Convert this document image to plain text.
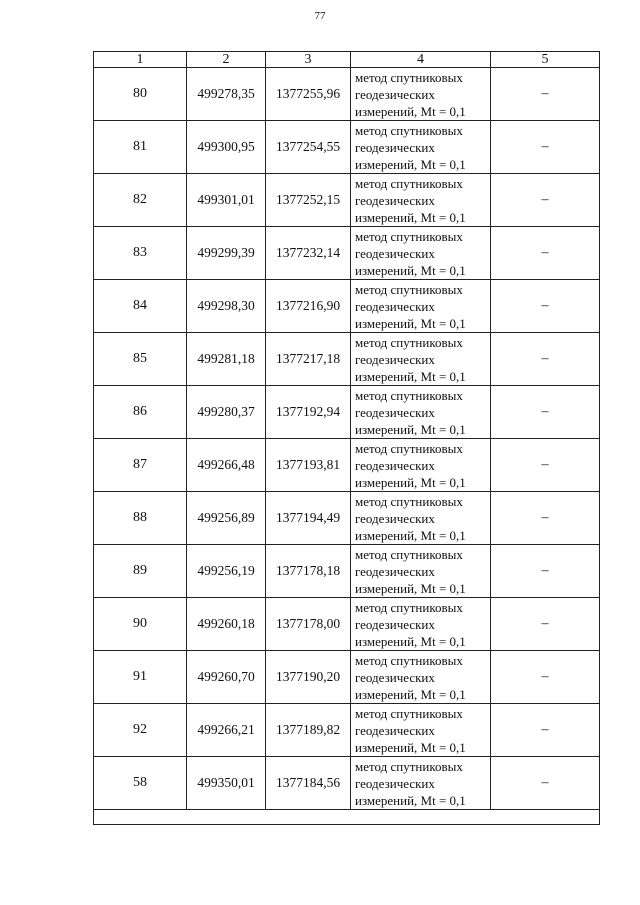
77
1	2	3	4	5
80	499278,35	1377255,96	метод спутниковых
геодезических
измерений, Mt = 0,1	–
81	499300,95	1377254,55	метод спутниковых
геодезических
измерений, Mt = 0,1	–
82	499301,01	1377252,15	метод спутниковых
геодезических
измерений, Mt = 0,1	–
83	499299,39	1377232,14	метод спутниковых
геодезических
измерений, Mt = 0,1	–
84	499298,30	1377216,90	метод спутниковых
геодезических
измерений, Mt = 0,1	–
85	499281,18	1377217,18	метод спутниковых
геодезических
измерений, Mt = 0,1	–
86	499280,37	1377192,94	метод спутниковых
геодезических
измерений, Mt = 0,1	–
87	499266,48	1377193,81	метод спутниковых
геодезических
измерений, Mt = 0,1	–
88	499256,89	1377194,49	метод спутниковых
геодезических
измерений, Mt = 0,1	–
89	499256,19	1377178,18	метод спутниковых
геодезических
измерений, Mt = 0,1	–
90	499260,18	1377178,00	метод спутниковых
геодезических
измерений, Mt = 0,1	–
91	499260,70	1377190,20	метод спутниковых
геодезических
измерений, Mt = 0,1	–
92	499266,21	1377189,82	метод спутниковых
геодезических
измерений, Mt = 0,1	–
58	499350,01	1377184,56	метод спутниковых
геодезических
измерений, Mt = 0,1	–
